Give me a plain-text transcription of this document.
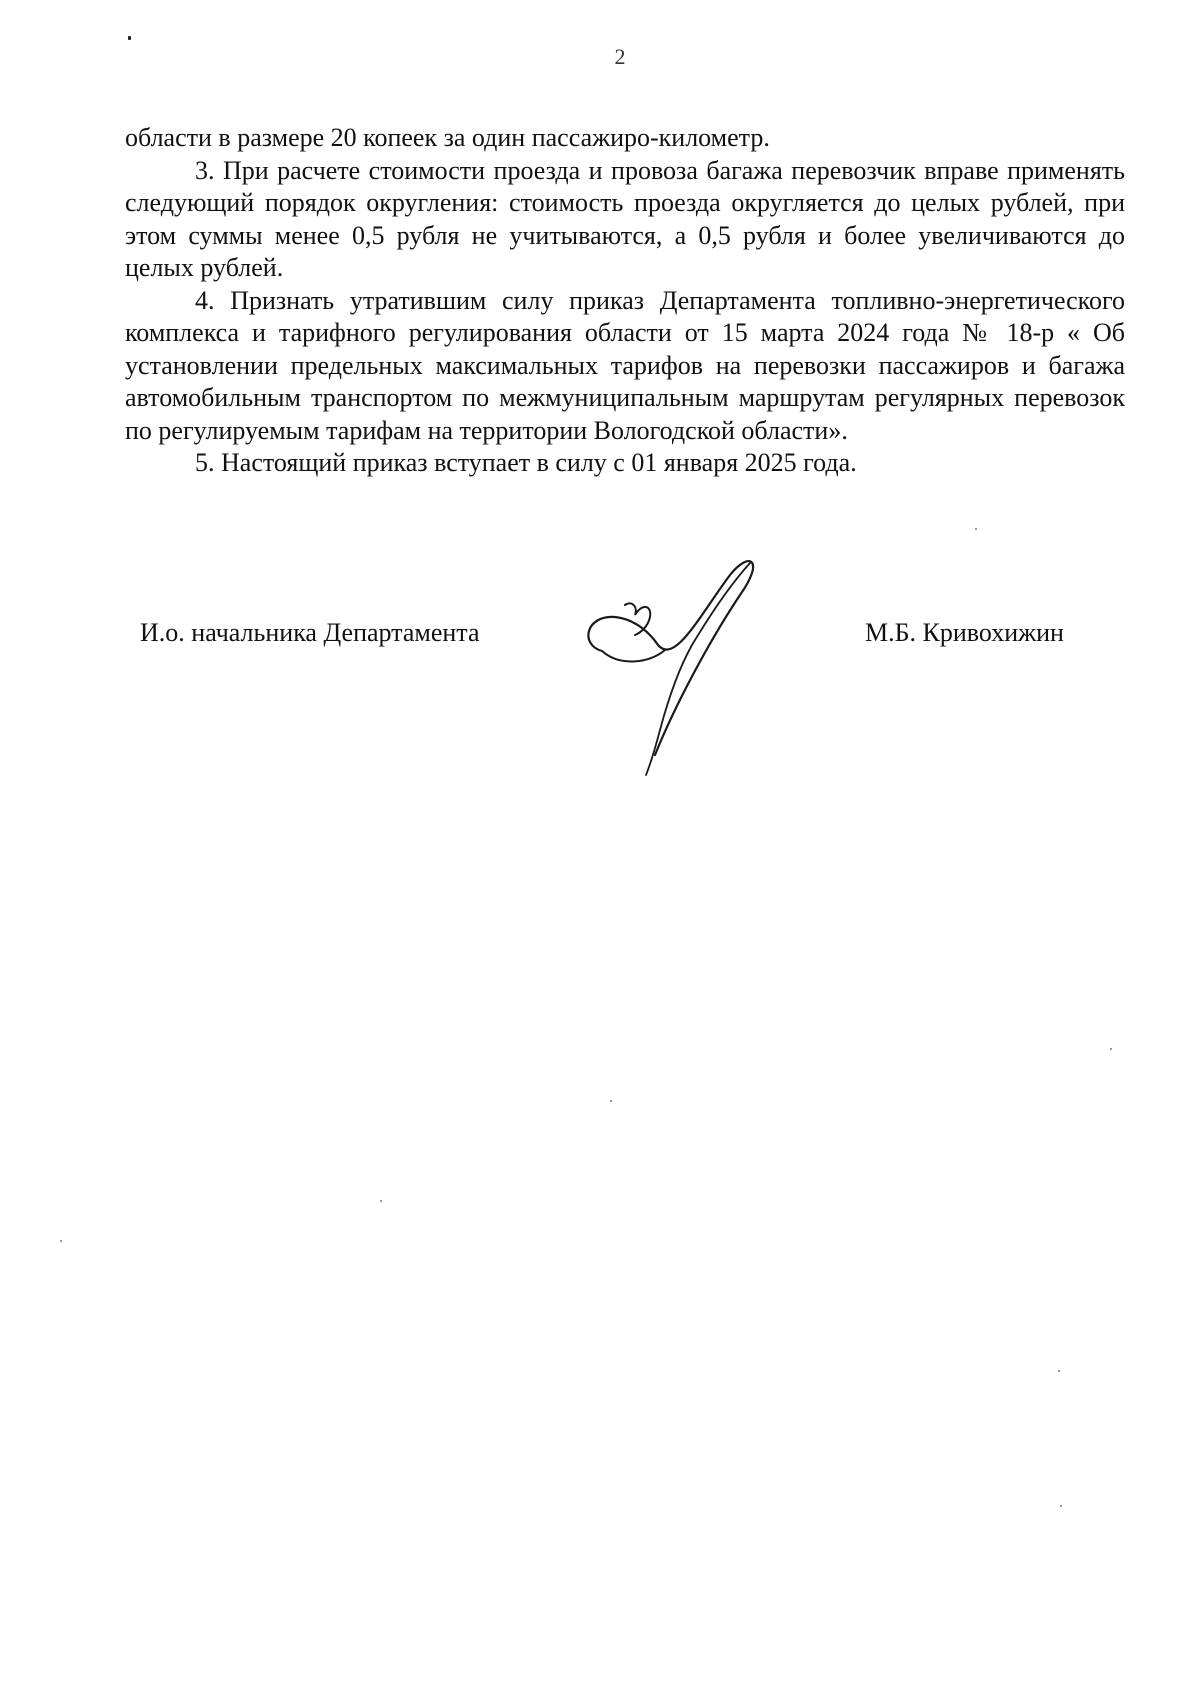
2

области в размере 20 копеек за один пассажиро-километр.

3. При расчете стоимости проезда и провоза багажа перевозчик вправе применять следующий порядок округления: стоимость проезда округляется до целых рублей, при этом суммы менее 0,5 рубля не учитываются, а 0,5 рубля и более увеличиваются до целых рублей.

4. Признать утратившим силу приказ Департамента топливно-энергетического комплекса и тарифного регулирования области от 15 марта 2024 года № 18-р « Об установлении предельных максимальных тарифов на перевозки пассажиров и багажа автомобильным транспортом по межмуниципальным маршрутам регулярных перевозок по регулируемым тарифам на территории Вологодской области».

5. Настоящий приказ вступает в силу с 01 января 2025 года.

И.о. начальника Департамента	М.Б. Кривохижин
